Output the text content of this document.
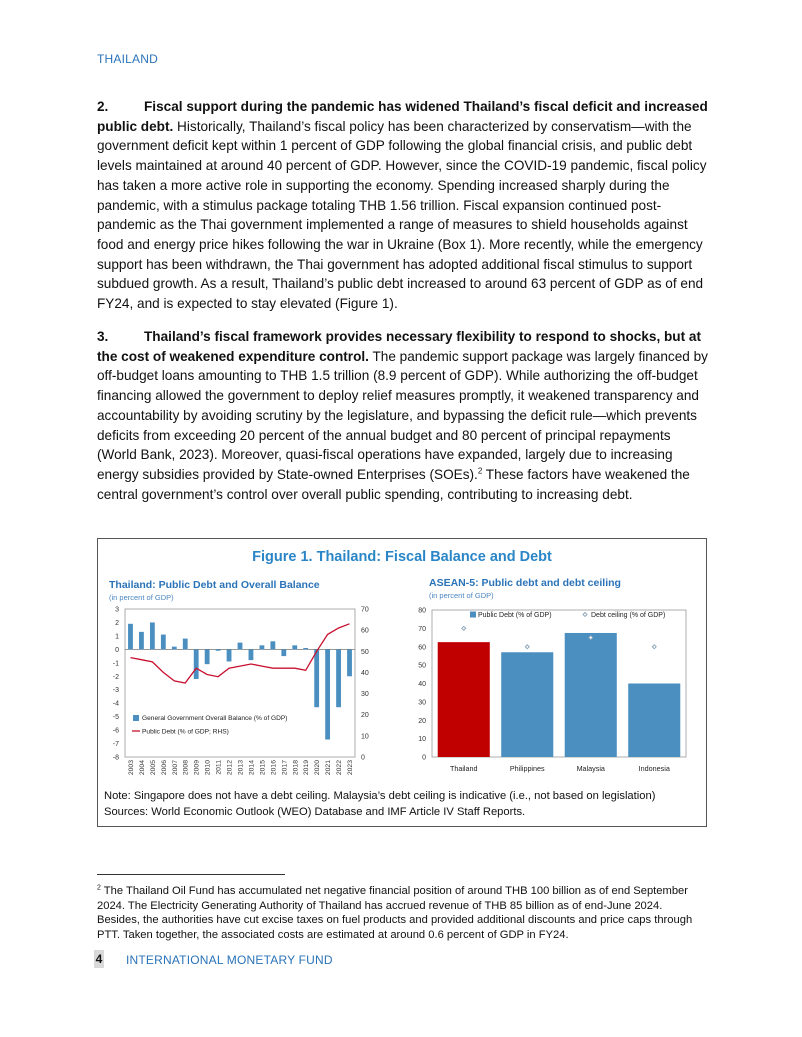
THAILAND

2.	Fiscal support during the pandemic has widened Thailand’s fiscal deficit and increased public debt. Historically, Thailand’s fiscal policy has been characterized by conservatism—with the government deficit kept within 1 percent of GDP following the global financial crisis, and public debt levels maintained at around 40 percent of GDP. However, since the COVID-19 pandemic, fiscal policy has taken a more active role in supporting the economy. Spending increased sharply during the pandemic, with a stimulus package totaling THB 1.56 trillion. Fiscal expansion continued post-pandemic as the Thai government implemented a range of measures to shield households against food and energy price hikes following the war in Ukraine (Box 1). More recently, while the emergency support has been withdrawn, the Thai government has adopted additional fiscal stimulus to support subdued growth. As a result, Thailand’s public debt increased to around 63 percent of GDP as of end FY24, and is expected to stay elevated (Figure 1).

3.	Thailand’s fiscal framework provides necessary flexibility to respond to shocks, but at the cost of weakened expenditure control. The pandemic support package was largely financed by off-budget loans amounting to THB 1.5 trillion (8.9 percent of GDP). While authorizing the off-budget financing allowed the government to deploy relief measures promptly, it weakened transparency and accountability by avoiding scrutiny by the legislature, and bypassing the deficit rule—which prevents deficits from exceeding 20 percent of the annual budget and 80 percent of principal repayments (World Bank, 2023). Moreover, quasi-fiscal operations have expanded, largely due to increasing energy subsidies provided by State-owned Enterprises (SOEs).$^2$ These factors have weakened the central government’s control over overall public spending, contributing to increasing debt.

Figure 1. Thailand: Fiscal Balance and Debt
Thailand: Public Debt and Overall Balance
(in percent of GDP)
ASEAN-5: Public debt and debt ceiling
(in percent of GDP)
3
2
1
0
-1
-2
-3
-4
-5
-6
-7
-8
70
60
50
40
30
20
10
0
2003 2004 2005 2006 2007 2008 2009 2010 2011 2012 2013 2014 2015 2016 2017 2018 2019 2020 2021 2022 2023
General Government Overall Balance (% of GDP)
Public Debt (% of GDP; RHS)
80
70
60
50
40
30
20
10
0
Thailand	Philippines	Malaysia	Indonesia
Public Debt (% of GDP)	Debt ceiling (% of GDP)
Note: Singapore does not have a debt ceiling. Malaysia’s debt ceiling is indicative (i.e., not based on legislation)
Sources: World Economic Outlook (WEO) Database and IMF Article IV Staff Reports.

$^2$ The Thailand Oil Fund has accumulated net negative financial position of around THB 100 billion as of end September 2024. The Electricity Generating Authority of Thailand has accrued revenue of THB 85 billion as of end-June 2024. Besides, the authorities have cut excise taxes on fuel products and provided additional discounts and price caps through PTT. Taken together, the associated costs are estimated at around 0.6 percent of GDP in FY24.

4 INTERNATIONAL MONETARY FUND
